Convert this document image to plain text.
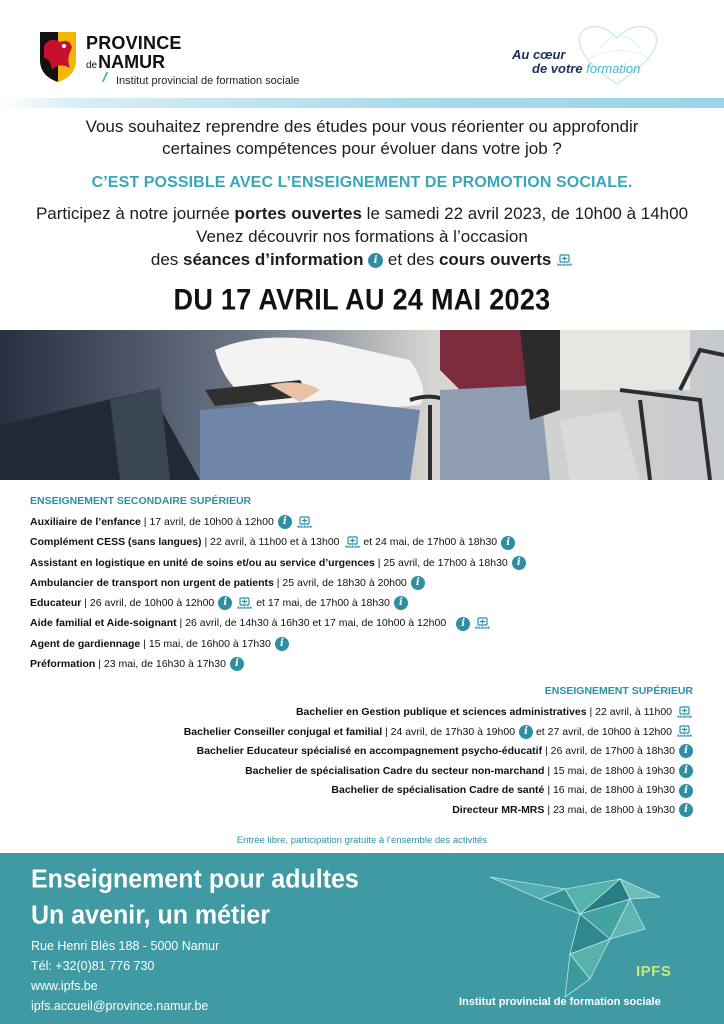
PROVINCE
deNAMUR
Institut provincial de formation sociale
Au cœur
de votre formation
Vous souhaitez reprendre des études pour vous réorienter ou approfondir
certaines compétences pour évoluer dans votre job ?
C’EST POSSIBLE AVEC L’ENSEIGNEMENT DE PROMOTION SOCIALE.
Participez à notre journée portes ouvertes le samedi 22 avril 2023, de 10h00 à 14h00
Venez découvrir nos formations à l’occasion
des séances d’information i et des cours ouverts
DU 17 AVRIL AU 24 MAI 2023
ENSEIGNEMENT SECONDAIRE SUPÉRIEUR
Auxiliaire de l’enfance | 17 avril, de 10h00 à 12h00 i
Complément CESS (sans langues) | 22 avril, à 11h00 et à 13h00 et 24 mai, de 17h00 à 18h30 i
Assistant en logistique en unité de soins et/ou au service d’urgences | 25 avril, de 17h00 à 18h30 i
Ambulancier de transport non urgent de patients | 25 avril, de 18h30 à 20h00 i
Educateur | 26 avril, de 10h00 à 12h00 i et 17 mai, de 17h00 à 18h30 i
Aide familial et Aide-soignant | 26 avril, de 14h30 à 16h30 et 17 mai, de 10h00 à 12h00 i
Agent de gardiennage | 15 mai, de 16h00 à 17h30 i
Préformation | 23 mai, de 16h30 à 17h30 i
ENSEIGNEMENT SUPÉRIEUR
Bachelier en Gestion publique et sciences administratives | 22 avril, à 11h00
Bachelier Conseiller conjugal et familial | 24 avril, de 17h30 à 19h00 i et 27 avril, de 10h00 à 12h00
Bachelier Educateur spécialisé en accompagnement psycho-éducatif | 26 avril, de 17h00 à 18h30 i
Bachelier de spécialisation Cadre du secteur non-marchand | 15 mai, de 18h00 à 19h30 i
Bachelier de spécialisation Cadre de santé | 16 mai, de 18h00 à 19h30 i
Directeur MR-MRS | 23 mai, de 18h00 à 19h30 i
Entrée libre, participation gratuite à l’ensemble des activités
Enseignement pour adultes
Un avenir, un métier
Rue Henri Blès 188 - 5000 Namur
Tél: +32(0)81 776 730
www.ipfs.be
ipfs.accueil@province.namur.be
IPFS
Institut provincial de formation sociale
